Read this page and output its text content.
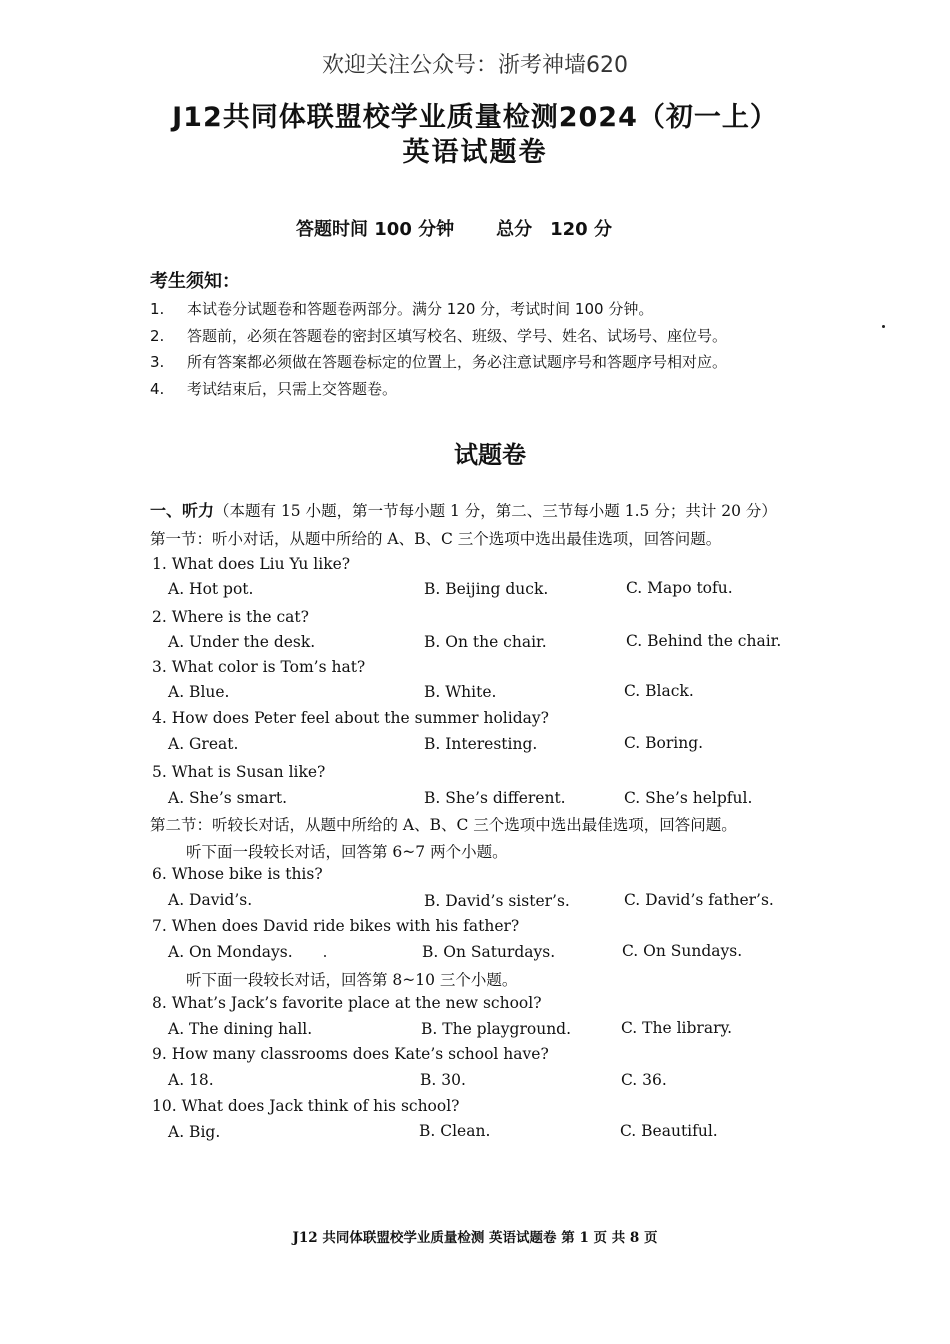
欢迎关注公众号：浙考神墙620
J12共同体联盟校学业质量检测2024（初一上）
英语试题卷
答题时间 100 分钟 总分　120 分
考生须知：
1. 本试卷分试题卷和答题卷两部分。满分 120 分，考试时间 100 分钟。
2. 答题前，必须在答题卷的密封区填写校名、班级、学号、姓名、试场号、座位号。
3. 所有答案都必须做在答题卷标定的位置上，务必注意试题序号和答题序号相对应。
4. 考试结束后，只需上交答题卷。
试题卷
一、听力（本题有 15 小题，第一节每小题 1 分，第二、三节每小题 1.5 分；共计 20 分）
第一节：听小对话，从题中所给的 A、B、C 三个选项中选出最佳选项，回答问题。
1. What does Liu Yu like?
A. Hot pot.	B. Beijing duck.	C. Mapo tofu.
2. Where is the cat?
A. Under the desk.	B. On the chair.	C. Behind the chair.
3. What color is Tom’s hat?
A. Blue.	B. White.	C. Black.
4. How does Peter feel about the summer holiday?
A. Great.	B. Interesting.	C. Boring.
5. What is Susan like?
A. She’s smart.	B. She’s different.	C. She’s helpful.
第二节：听较长对话，从题中所给的 A、B、C 三个选项中选出最佳选项，回答问题。
听下面一段较长对话，回答第 6~7 两个小题。
6. Whose bike is this?
A. David’s.	B. David’s sister’s.	C. David’s father’s.
7. When does David ride bikes with his father?
A. On Mondays.	B. On Saturdays.	C. On Sundays.
听下面一段较长对话，回答第 8~10 三个小题。
8. What’s Jack’s favorite place at the new school?
A. The dining hall.	B. The playground.	C. The library.
9. How many classrooms does Kate’s school have?
A. 18.	B. 30.	C. 36.
10. What does Jack think of his school?
A. Big.	B. Clean.	C. Beautiful.
J12 共同体联盟校学业质量检测 英语试题卷 第 1 页 共 8 页
